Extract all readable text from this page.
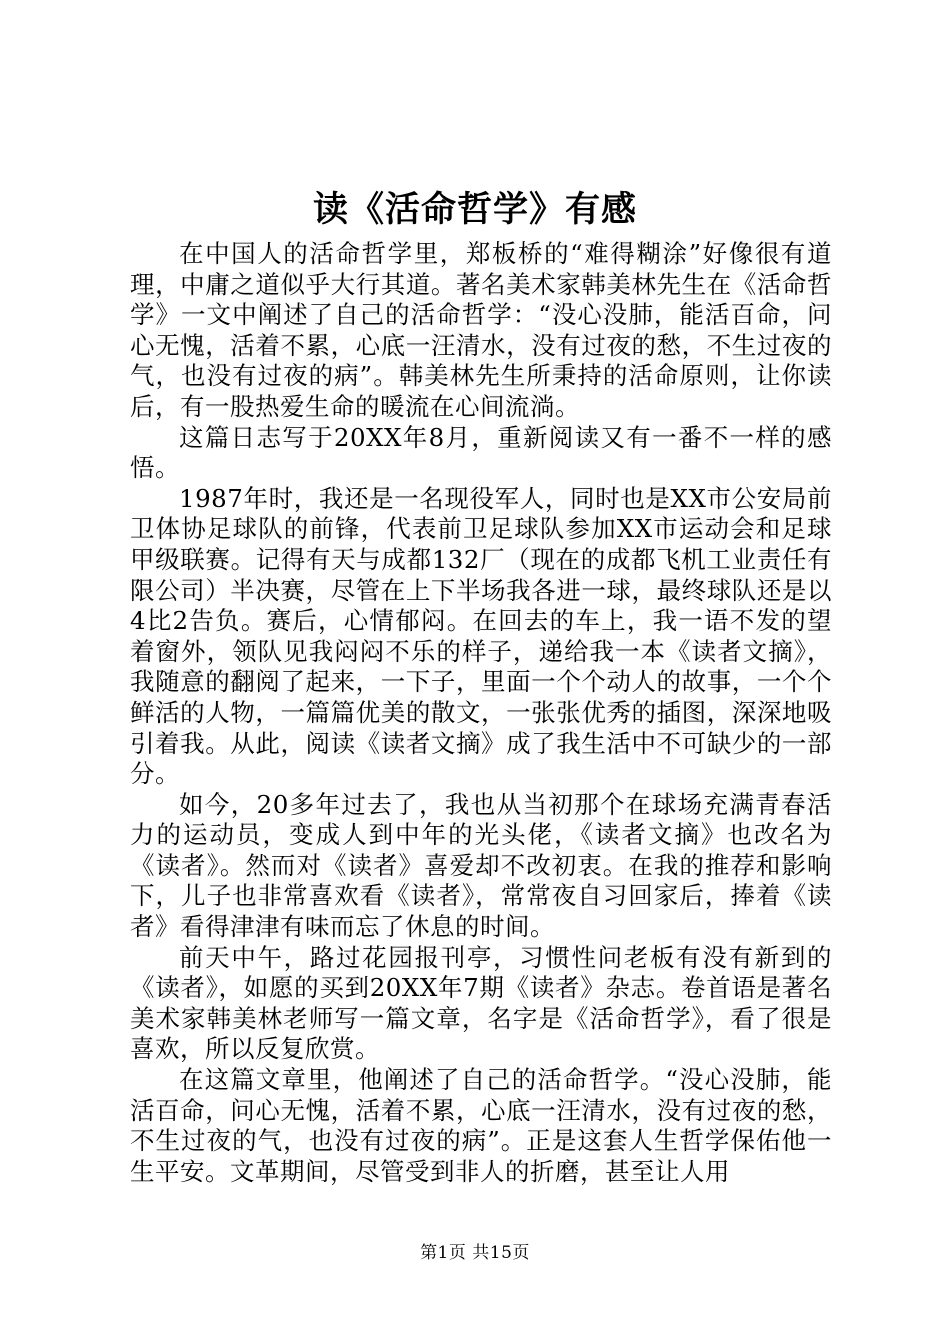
读《活命哲学》有感

在中国人的活命哲学里，郑板桥的“难得糊涂”好像很有道理，中庸之道似乎大行其道。著名美术家韩美林先生在《活命哲学》一文中阐述了自己的活命哲学：“没心没肺，能活百命，问心无愧，活着不累，心底一汪清水，没有过夜的愁，不生过夜的气，也没有过夜的病”。韩美林先生所秉持的活命原则，让你读后，有一股热爱生命的暖流在心间流淌。

这篇日志写于20XX年8月，重新阅读又有一番不一样的感悟。

1987年时，我还是一名现役军人，同时也是XX市公安局前卫体协足球队的前锋，代表前卫足球队参加XX市运动会和足球甲级联赛。记得有天与成都132厂（现在的成都飞机工业责任有限公司）半决赛，尽管在上下半场我各进一球，最终球队还是以4比2告负。赛后，心情郁闷。在回去的车上，我一语不发的望着窗外，领队见我闷闷不乐的样子，递给我一本《读者文摘》，我随意的翻阅了起来，一下子，里面一个个动人的故事，一个个鲜活的人物，一篇篇优美的散文，一张张优秀的插图，深深地吸引着我。从此，阅读《读者文摘》成了我生活中不可缺少的一部分。

如今，20多年过去了，我也从当初那个在球场充满青春活力的运动员，变成人到中年的光头佬，《读者文摘》也改名为《读者》。然而对《读者》喜爱却不改初衷。在我的推荐和影响下，儿子也非常喜欢看《读者》，常常夜自习回家后，捧着《读者》看得津津有味而忘了休息的时间。

前天中午，路过花园报刊亭，习惯性问老板有没有新到的《读者》，如愿的买到20XX年7期《读者》杂志。卷首语是著名美术家韩美林老师写一篇文章，名字是《活命哲学》，看了很是喜欢，所以反复欣赏。

在这篇文章里，他阐述了自己的活命哲学。“没心没肺，能活百命，问心无愧，活着不累，心底一汪清水，没有过夜的愁，不生过夜的气，也没有过夜的病”。正是这套人生哲学保佑他一生平安。文革期间，尽管受到非人的折磨，甚至让人用

第1页 共15页
